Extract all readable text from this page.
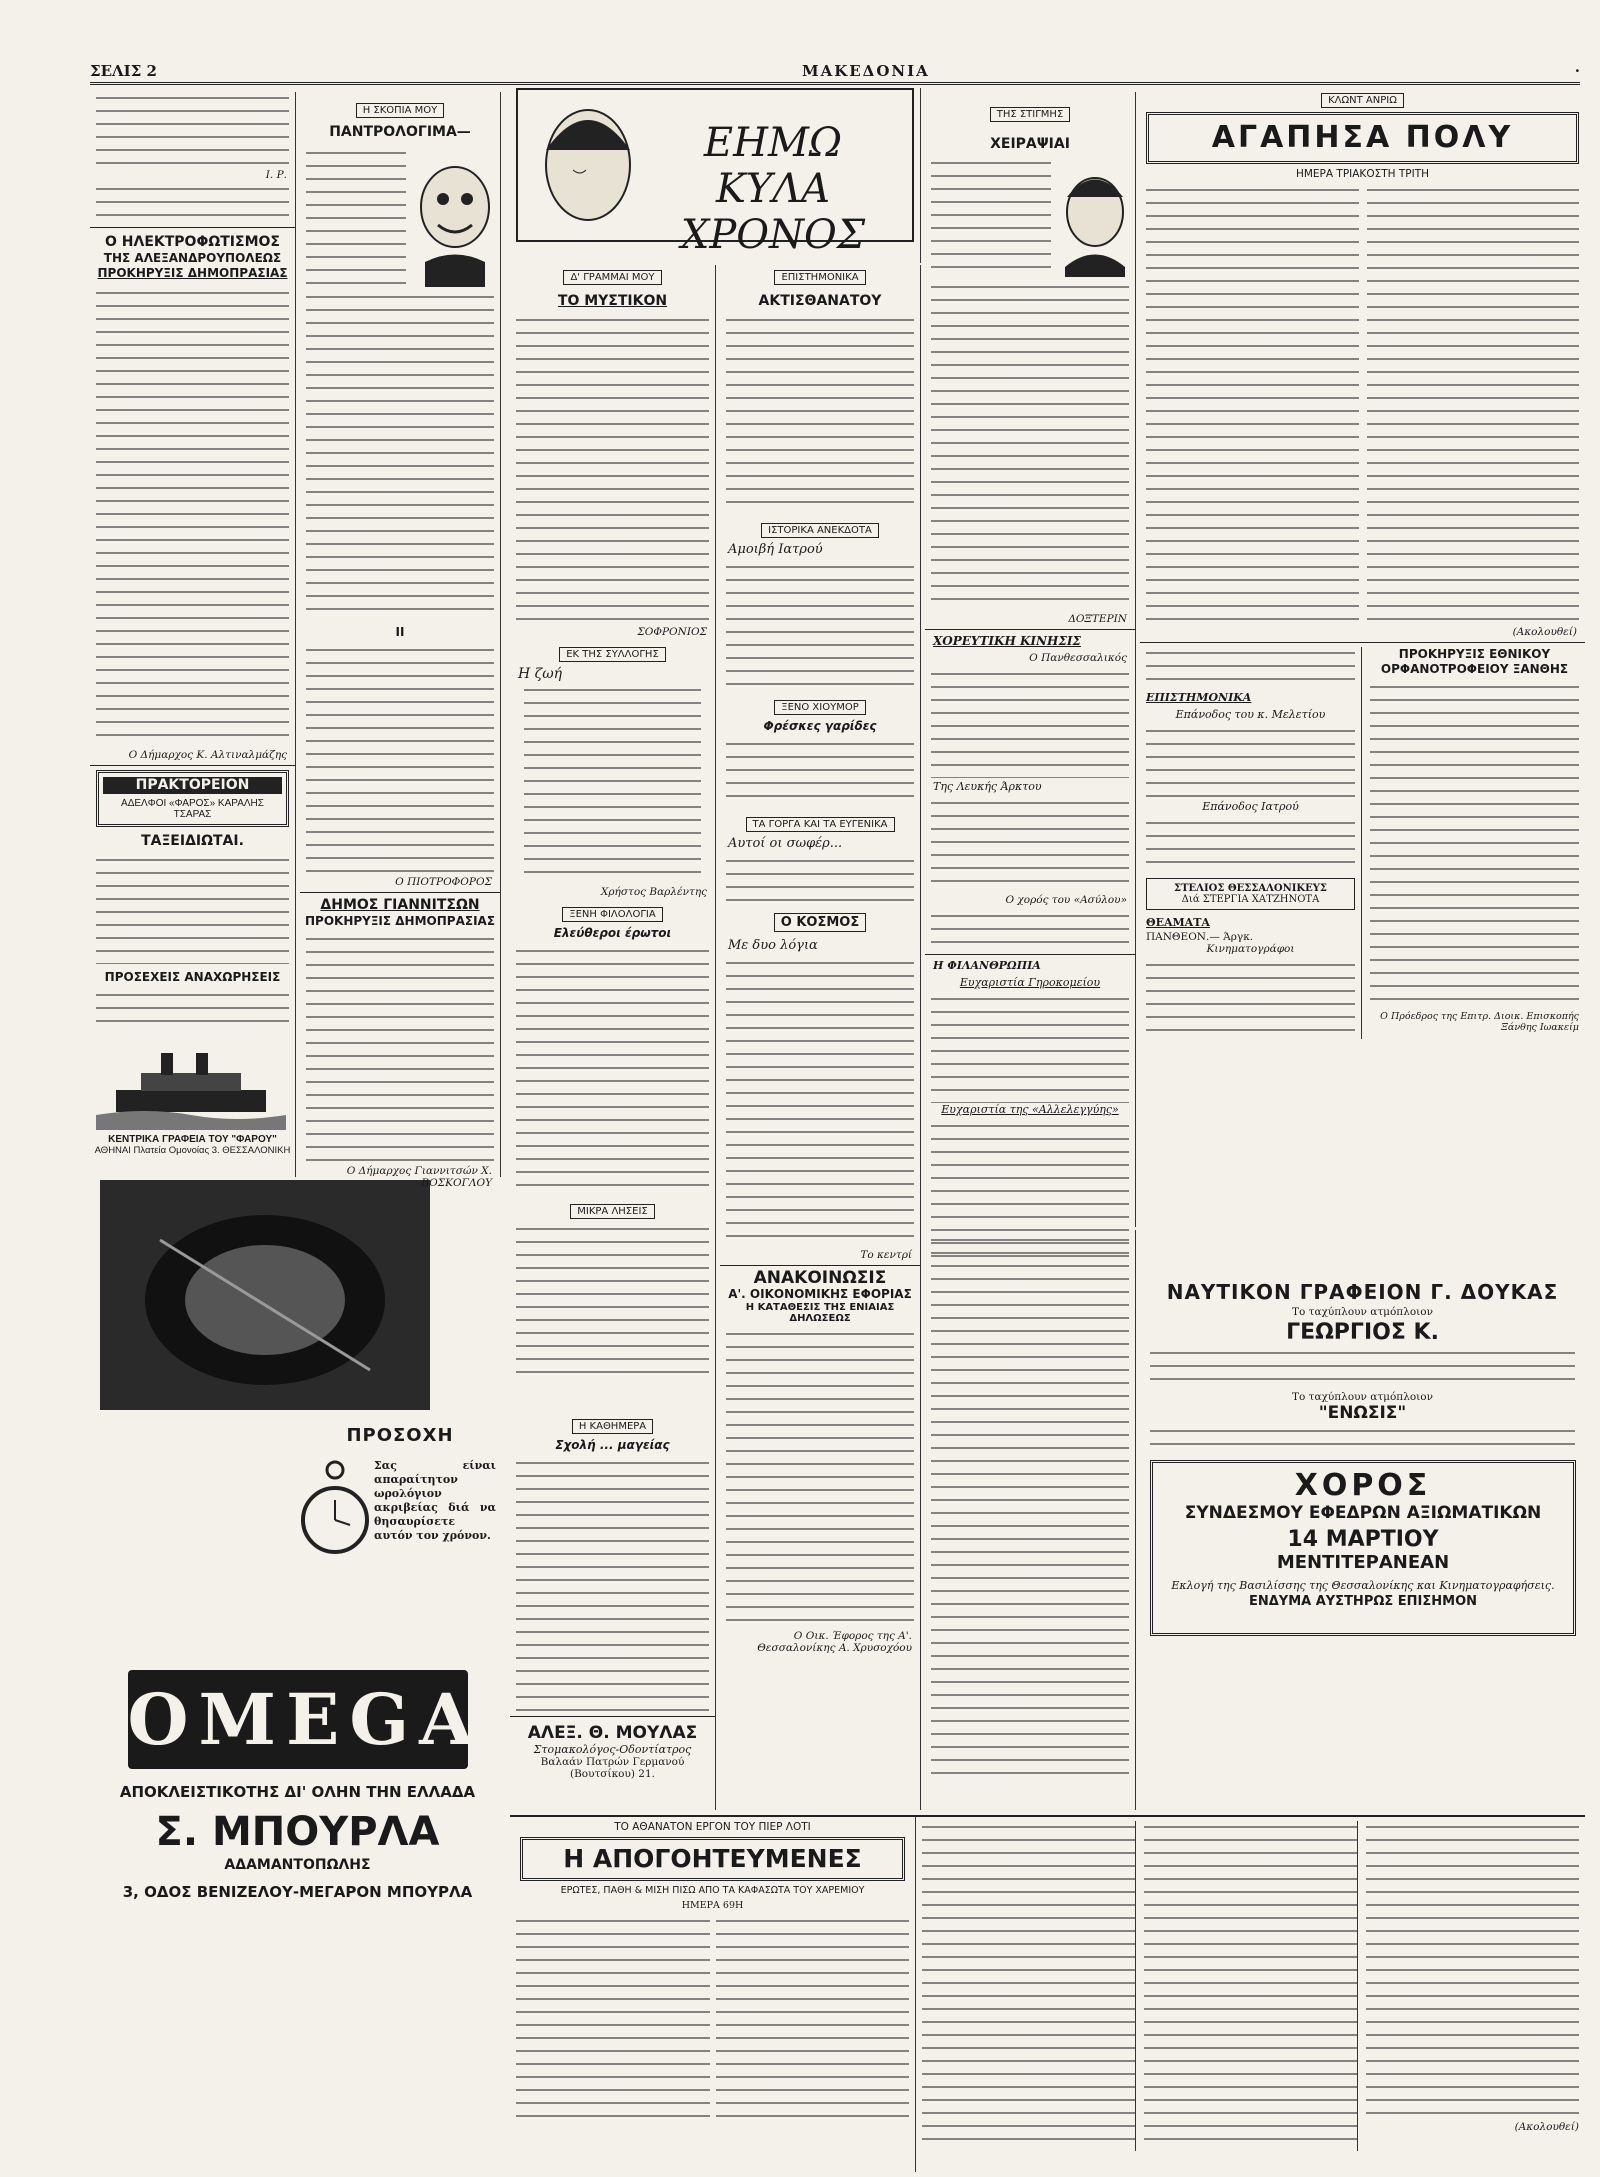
ΣΕΛΙΣ 2	ΜΑΚΕΔΟΝΙΑ	·
Ι. Ρ.
Ο ΗΛΕΚΤΡΟΦΩΤΙΣΜΟΣ
ΤΗΣ ΑΛΕΞΑΝΔΡΟΥΠΟΛΕΩΣ
ΠΡΟΚΗΡΥΞΙΣ ΔΗΜΟΠΡΑΣΙΑΣ
Ο Δήμαρχος Κ. Αλτιναλμάζης
ΠΡΑΚΤΟΡΕΙΟΝ
ΑΔΕΛΦΟΙ «ΦΑΡΟΣ» ΚΑΡΑΛΗΣ ΤΣΑΡΑΣ
ΤΑΞΕΙΔΙΩΤΑΙ.
ΠΡΟΣΕΧΕΙΣ ΑΝΑΧΩΡΗΣΕΙΣ
ΚΕΝΤΡΙΚΑ ΓΡΑΦΕΙΑ ΤΟΥ "ΦΑΡΟΥ"
ΑΘΗΝΑΙ Πλατεία Ομονοίας 3. ΘΕΣΣΑΛΟΝΙΚΗ
Η ΣΚΟΠΙΑ ΜΟΥ
ΠΑΝΤΡΟΛΟΓΙΜΑ—
ΙΙ
Ο ΠΙΟΤΡΟΦΟΡΟΣ
ΔΗΜΟΣ ΓΙΑΝΝΙΤΣΩΝ
ΠΡΟΚΗΡΥΞΙΣ ΔΗΜΟΠΡΑΣΙΑΣ
Ο Δήμαρχος Γιαννιτσών Χ. ΒΟΣΚΟΓΛΟΥ
ΠΡΟΣΟΧΗ
Σας είναι απαραίτητον ωρολόγιον ακριβείας διά να θησαυρίσετε αυτόν τον χρόνον.
OMEGA
ΑΠΟΚΛΕΙΣΤΙΚΟΤΗΣ ΔΙ' ΟΛΗΝ ΤΗΝ ΕΛΛΑΔΑ
Σ. ΜΠΟΥΡΛΑ
ΑΔΑΜΑΝΤΟΠΩΛΗΣ
3, ΟΔΟΣ ΒΕΝΙΖΕΛΟΥ-ΜΕΓΑΡΟΝ ΜΠΟΥΡΛΑ
ΕΗΜΩ ΚΥΛΑ ΧΡΟΝΟΣ
Δ' ΓΡΑΜΜΑΙ ΜΟΥ
ΤΟ ΜΥΣΤΙΚΟΝ
ΣΟΦΡΟΝΙΟΣ
ΕΚ ΤΗΣ ΣΥΛΛΟΓΗΣ
Η ζωή
Χρήστος Βαρλέντης
ΞΕΝΗ ΦΙΛΟΛΟΓΙΑ
Ελεύθεροι έρωτοι
ΜΙΚΡΑ ΛΗΣΕΙΣ
Η ΚΑΘΗΜΕΡΑ
Σχολή ... μαγείας
ΑΛΕΞ. Θ. ΜΟΥΛΑΣ
Στομακολόγος-Οδοντίατρος
Βαλαάν Πατρών Γερμανού (Βουτσίκου) 21.
ΕΠΙΣΤΗΜΟΝΙΚΑ
ΑΚΤΙΣΘΑΝΑΤΟΥ
ΙΣΤΟΡΙΚΑ ΑΝΕΚΔΟΤΑ
Αμοιβή Ιατρού
ΞΕΝΟ ΧΙΟΥΜΟΡ
Φρέσκες γαρίδες
ΤΑ ΓΟΡΓΑ ΚΑΙ ΤΑ ΕΥΓΕΝΙΚΑ
Αυτοί οι σωφέρ...
Ο ΚΟΣΜΟΣ
Με δυο λόγια
Το κεντρί
ΑΝΑΚΟΙΝΩΣΙΣ
Α'. ΟΙΚΟΝΟΜΙΚΗΣ ΕΦΟΡΙΑΣ
Η ΚΑΤΑΘΕΣΙΣ ΤΗΣ ΕΝΙΑΙΑΣ ΔΗΛΩΣΕΩΣ
Ο Οικ. Έφορος της Α'. Θεσσαλονίκης Α. Χρυσοχόου
ΤΗΣ ΣΤΙΓΜΗΣ
ΧΕΙΡΑΨΙΑΙ
ΔΟΞΤΕΡΙΝ
ΧΟΡΕΥΤΙΚΗ ΚΙΝΗΣΙΣ
Ο Πανθεσσαλικός
Της Λευκής Άρκτου
Ο χορός του «Ασύλου»
Η ΦΙΛΑΝΘΡΩΠΙΑ
Ευχαριστία Γηροκομείου
Ευχαριστία της «Αλλελεγγύης»
ΚΛΩΝΤ ΑΝΡΙΩ
ΑΓΑΠΗΣΑ ΠΟΛΥ
ΗΜΕΡΑ ΤΡΙΑΚΟΣΤΗ ΤΡΙΤΗ
(Ακολουθεί)
ΕΠΙΣΤΗΜΟΝΙΚΑ
Επάνοδος του κ. Μελετίου
Επάνοδος Ιατρού
ΣΤΕΛΙΟΣ ΘΕΣΣΑΛΟΝΙΚΕΥΣ
Διά ΣΤΕΡΓΙΑ ΧΑΤΖΗΝΟΤΑ
ΘΕΑΜΑΤΑ
ΠΑΝΘΕΟΝ.— Άργκ.
Κινηματογράφοι
ΠΡΟΚΗΡΥΞΙΣ ΕΘΝΙΚΟΥ
ΟΡΦΑΝΟΤΡΟΦΕΙΟΥ ΞΑΝΘΗΣ
Ο Πρόεδρος της Επιτρ. Διοικ. Επισκοπής Ξάνθης Ιωακείμ
ΝΑΥΤΙΚΟΝ ΓΡΑΦΕΙΟΝ Γ. ΔΟΥΚΑΣ
Το ταχύπλουν ατμόπλοιον
ΓΕΩΡΓΙΟΣ Κ.
Το ταχύπλουν ατμόπλοιον
"ΕΝΩΣΙΣ"
ΧΟΡΟΣ
ΣΥΝΔΕΣΜΟΥ ΕΦΕΔΡΩΝ ΑΞΙΩΜΑΤΙΚΩΝ
14 ΜΑΡΤΙΟΥ
ΜΕΝΤΙΤΕΡΑΝΕΑΝ
Εκλογή της Βασιλίσσης της Θεσσαλονίκης και Κινηματογραφήσεις.
ΕΝΔΥΜΑ ΑΥΣΤΗΡΩΣ ΕΠΙΣΗΜΟΝ
ΤΟ ΑΘΑΝΑΤΟΝ ΕΡΓΟΝ ΤΟΥ ΠΙΕΡ ΛΟΤΙ
Η ΑΠΟΓΟΗΤΕΥΜΕΝΕΣ
ΕΡΩΤΕΣ, ΠΑΘΗ & ΜΙΣΗ ΠΙΣΩ ΑΠΟ ΤΑ ΚΑΦΑΣΩΤΑ ΤΟΥ ΧΑΡΕΜΙΟΥ
ΗΜΕΡΑ 69Η
(Ακολουθεί)
